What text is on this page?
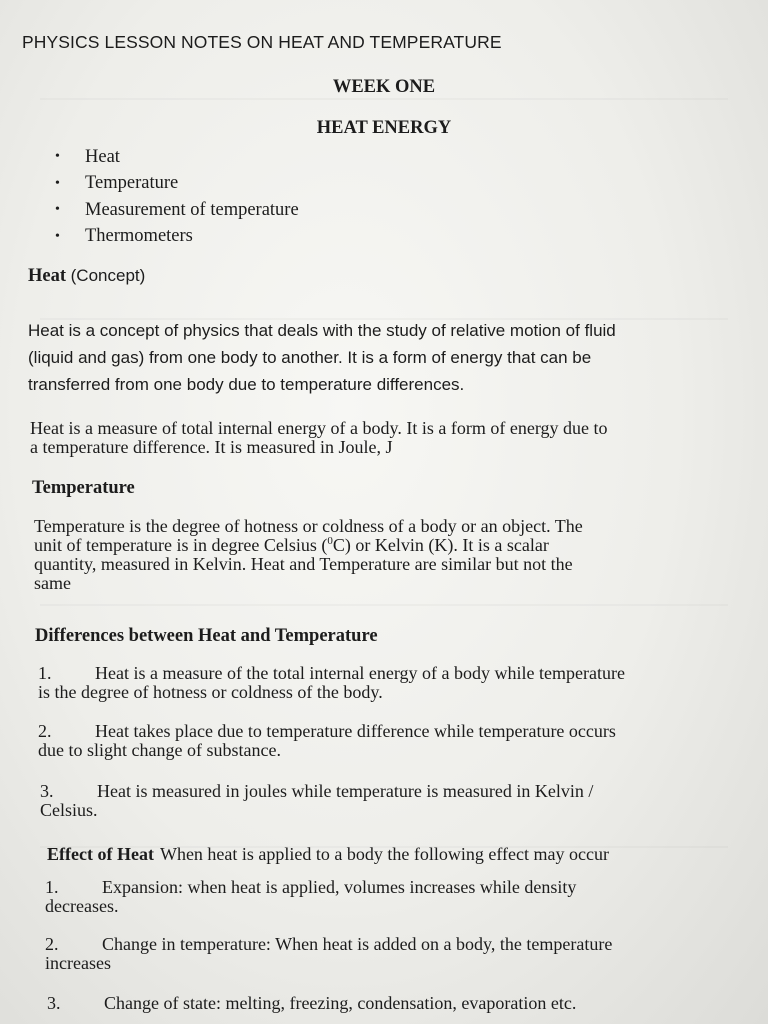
PHYSICS LESSON NOTES ON HEAT AND TEMPERATURE
WEEK ONE
HEAT ENERGY
•	Heat
•	Temperature
•	Measurement of temperature
•	Thermometers
Heat (Concept)

Heat is a concept of physics that deals with the study of relative motion of fluid
(liquid and gas) from one body to another. It is a form of energy that can be
transferred from one body due to temperature differences.

Heat is a measure of total internal energy of a body. It is a form of energy due to
a temperature difference. It is measured in Joule, J

Temperature

Temperature is the degree of hotness or coldness of a body or an object. The
unit of temperature is in degree Celsius ($^0$C) or Kelvin (K). It is a scalar
quantity, measured in Kelvin. Heat and Temperature are similar but not the
same

Differences between Heat and Temperature
1. Heat is a measure of the total internal energy of a body while temperature
is the degree of hotness or coldness of the body.
2. Heat takes place due to temperature difference while temperature occurs
due to slight change of substance.
3. Heat is measured in joules while temperature is measured in Kelvin /
Celsius.
Effect of Heat When heat is applied to a body the following effect may occur
1. Expansion: when heat is applied, volumes increases while density
decreases.
2. Change in temperature: When heat is added on a body, the temperature
increases
3. Change of state: melting, freezing, condensation, evaporation etc.
